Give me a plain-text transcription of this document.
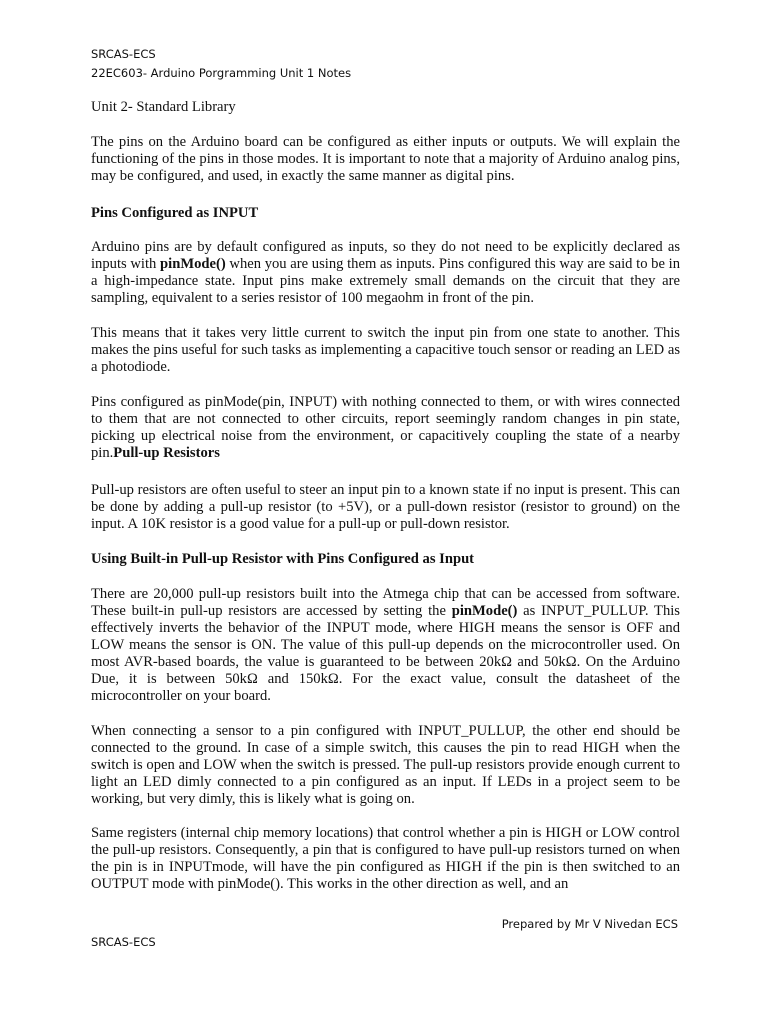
SRCAS-ECS
22EC603- Arduino Porgramming Unit 1 Notes
Unit 2- Standard Library

The pins on the Arduino board can be configured as either inputs or outputs. We will explain the functioning of the pins in those modes. It is important to note that a majority of Arduino analog pins, may be configured, and used, in exactly the same manner as digital pins.

Pins Configured as INPUT

Arduino pins are by default configured as inputs, so they do not need to be explicitly declared as inputs with pinMode() when you are using them as inputs. Pins configured this way are said to be in a high-impedance state. Input pins make extremely small demands on the circuit that they are sampling, equivalent to a series resistor of 100 megaohm in front of the pin.

This means that it takes very little current to switch the input pin from one state to another. This makes the pins useful for such tasks as implementing a capacitive touch sensor or reading an LED as a photodiode.

Pins configured as pinMode(pin, INPUT) with nothing connected to them, or with wires connected to them that are not connected to other circuits, report seemingly random changes in pin state, picking up electrical noise from the environment, or capacitively coupling the state of a nearby pin.Pull-up Resistors

Pull-up resistors are often useful to steer an input pin to a known state if no input is present. This can be done by adding a pull-up resistor (to +5V), or a pull-down resistor (resistor to ground) on the input. A 10K resistor is a good value for a pull-up or pull-down resistor.

Using Built-in Pull-up Resistor with Pins Configured as Input

There are 20,000 pull-up resistors built into the Atmega chip that can be accessed from software. These built-in pull-up resistors are accessed by setting the pinMode() as INPUT_PULLUP. This effectively inverts the behavior of the INPUT mode, where HIGH means the sensor is OFF and LOW means the sensor is ON. The value of this pull-up depends on the microcontroller used. On most AVR-based boards, the value is guaranteed to be between 20kΩ and 50kΩ. On the Arduino Due, it is between 50kΩ and 150kΩ. For the exact value, consult the datasheet of the microcontroller on your board.

When connecting a sensor to a pin configured with INPUT_PULLUP, the other end should be connected to the ground. In case of a simple switch, this causes the pin to read HIGH when the switch is open and LOW when the switch is pressed. The pull-up resistors provide enough current to light an LED dimly connected to a pin configured as an input. If LEDs in a project seem to be working, but very dimly, this is likely what is going on.

Same registers (internal chip memory locations) that control whether a pin is HIGH or LOW control the pull-up resistors. Consequently, a pin that is configured to have pull-up resistors turned on when the pin is in INPUTmode, will have the pin configured as HIGH if the pin is then switched to an OUTPUT mode with pinMode(). This works in the other direction as well, and an

Prepared by Mr V Nivedan ECS
SRCAS-ECS
